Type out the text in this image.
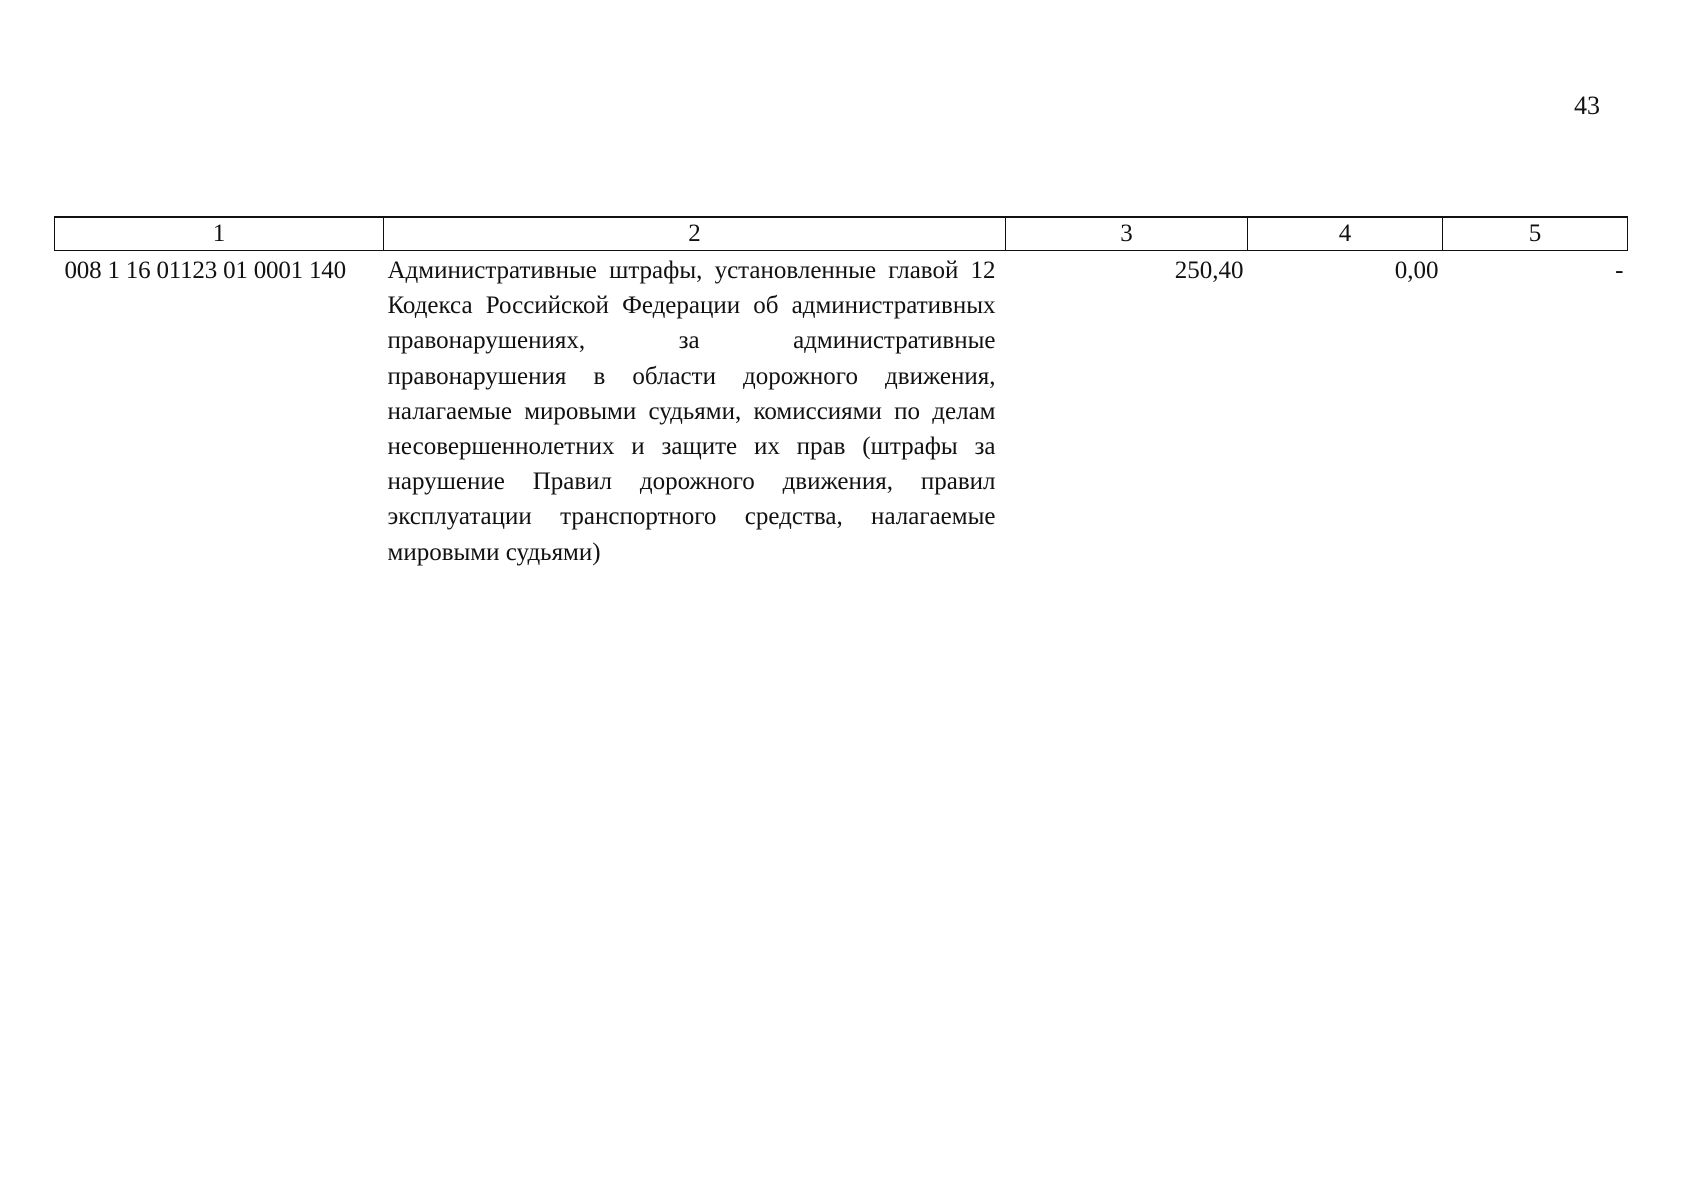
43
1	2	3	4	5
008 1 16 01123 01 0001 140	Административные штрафы, установленные главой 12 Кодекса Российской Федерации об административных правонарушениях, за административные правонарушения в области дорожного движения, налагаемые мировыми судьями, комиссиями по делам несовершеннолетних и защите их прав (штрафы за нарушение Правил дорожного движения, правил эксплуатации транспортного средства, налагаемые мировыми судьями)	250,40	0,00	-
